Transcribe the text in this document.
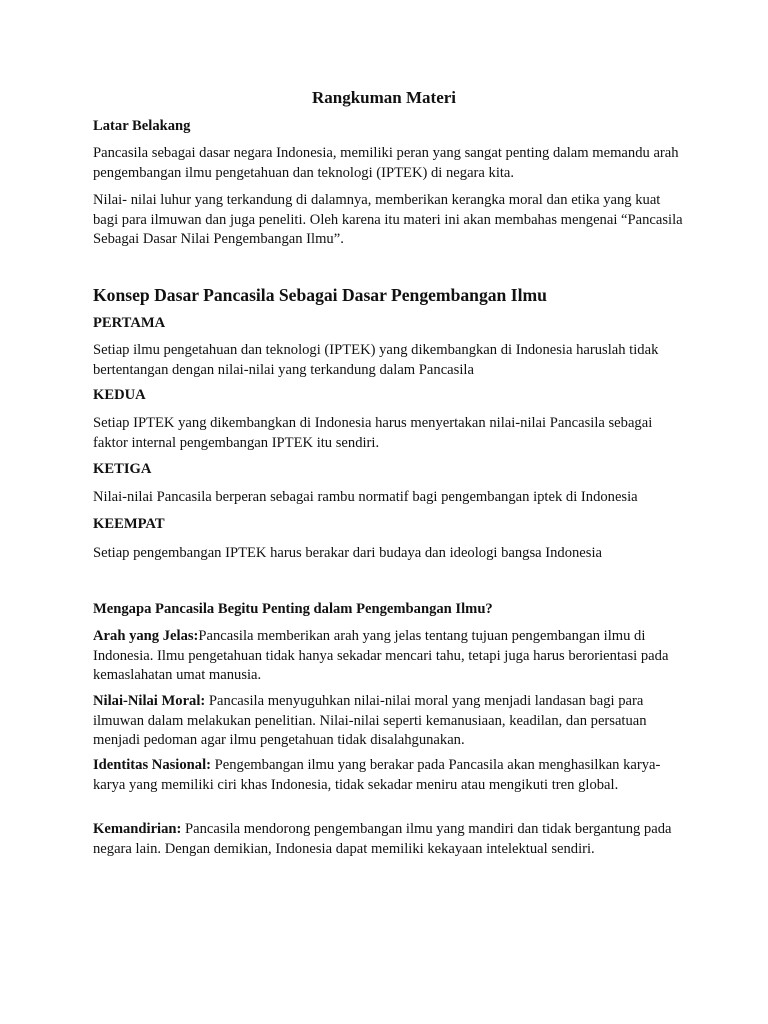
Rangkuman Materi
Latar Belakang

Pancasila sebagai dasar negara Indonesia, memiliki peran yang sangat penting dalam memandu arah pengembangan ilmu pengetahuan dan teknologi (IPTEK) di negara kita.

Nilai- nilai luhur yang terkandung di dalamnya, memberikan kerangka moral dan etika yang kuat bagi para ilmuwan dan juga peneliti. Oleh karena itu materi ini akan membahas mengenai “Pancasila Sebagai Dasar Nilai Pengembangan Ilmu”.

Konsep Dasar Pancasila Sebagai Dasar Pengembangan Ilmu
PERTAMA

Setiap ilmu pengetahuan dan teknologi (IPTEK) yang dikembangkan di Indonesia haruslah tidak bertentangan dengan nilai-nilai yang terkandung dalam Pancasila

KEDUA

Setiap IPTEK yang dikembangkan di Indonesia harus menyertakan nilai-nilai Pancasila sebagai faktor internal pengembangan IPTEK itu sendiri.

KETIGA

Nilai-nilai Pancasila berperan sebagai rambu normatif bagi pengembangan iptek di Indonesia

KEEMPAT

Setiap pengembangan IPTEK harus berakar dari budaya dan ideologi bangsa Indonesia

Mengapa Pancasila Begitu Penting dalam Pengembangan Ilmu?

Arah yang Jelas:Pancasila memberikan arah yang jelas tentang tujuan pengembangan ilmu di Indonesia. Ilmu pengetahuan tidak hanya sekadar mencari tahu, tetapi juga harus berorientasi pada kemaslahatan umat manusia.

Nilai-Nilai Moral: Pancasila menyuguhkan nilai-nilai moral yang menjadi landasan bagi para ilmuwan dalam melakukan penelitian. Nilai-nilai seperti kemanusiaan, keadilan, dan persatuan menjadi pedoman agar ilmu pengetahuan tidak disalahgunakan.

Identitas Nasional: Pengembangan ilmu yang berakar pada Pancasila akan menghasilkan karya-karya yang memiliki ciri khas Indonesia, tidak sekadar meniru atau mengikuti tren global.

Kemandirian: Pancasila mendorong pengembangan ilmu yang mandiri dan tidak bergantung pada negara lain. Dengan demikian, Indonesia dapat memiliki kekayaan intelektual sendiri.
